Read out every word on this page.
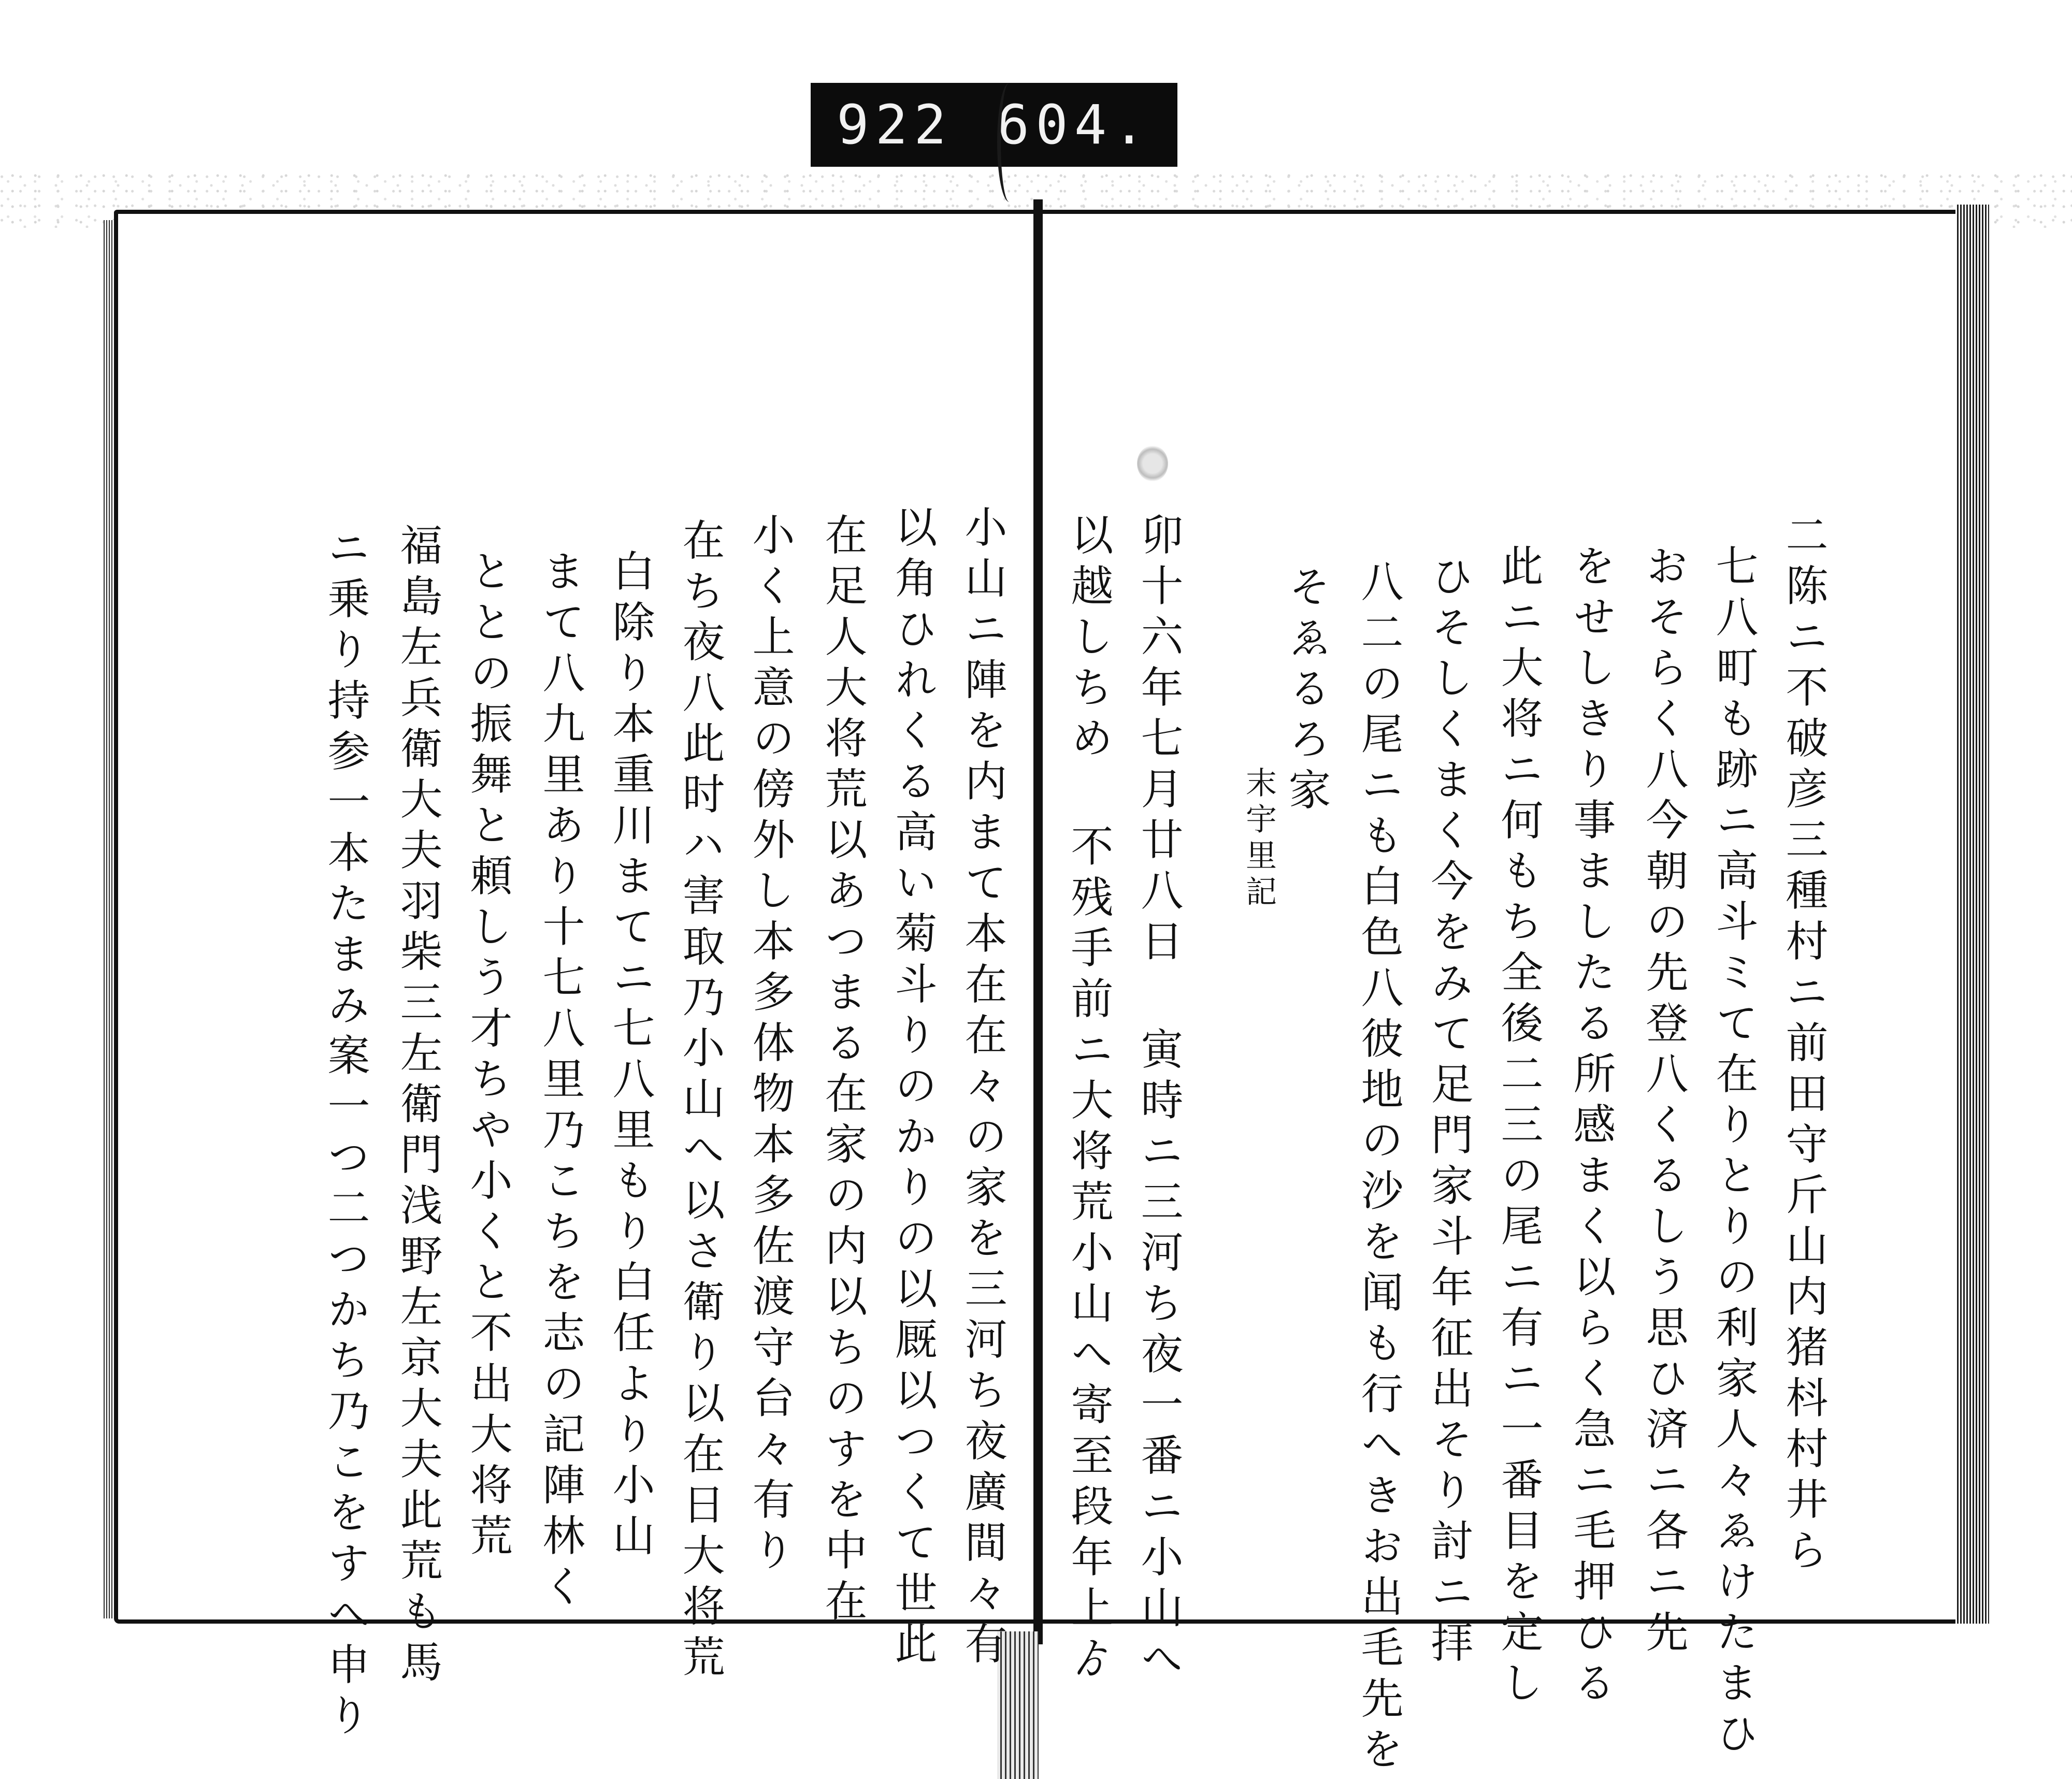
922 604.
二陈ニ不破彦三種村ニ前田守斤山内猪枓村井ら
七八町も跡ニ高斗ミて在りとりの利家人々ゑけたまひ
おそらく八今朝の先登八くるしう思ひ済ニ各ニ先
をせしきり事ましたる所感まく以らく急ニ毛押ひる
此ニ大将ニ何もち全後二三の尾ニ有ニ一番目を定し
ひそしくまく今をみて足門家斗年征出そり討ニ拝
八二の尾ニも白色八彼地の沙を闻も行へきお出毛先を
そゑるろ家
末宇里記
卯十六年七月廿八日 寅時ニ三河ち夜一番ニ小山へ
以越しちめ 不残手前ニ大将荒小山へ寄至段年上ゟ
小山ニ陣を内まて本在在々の家を三河ち夜廣間々有
以角ひれくる高い菊斗りのかりの以厩以つくて世此
在足人大将荒以あつまる在家の内以ちのすを中在
小く上意の傍外し本多体物本多佐渡守台々有り
在ち夜八此时ハ害取乃小山へ以さ衛り以在日大将荒
白除り本重川まてニ七八里もり白任より小山
まて八九里あり十七八里乃こちを志の記陣林く
ととの振舞と頼しう才ちや小くと不出大将荒
福島左兵衛大夫羽柴三左衛門浅野左京大夫此荒も馬
ニ乗り持参一本たまみ案一つ二つかち乃こをすへ申り
